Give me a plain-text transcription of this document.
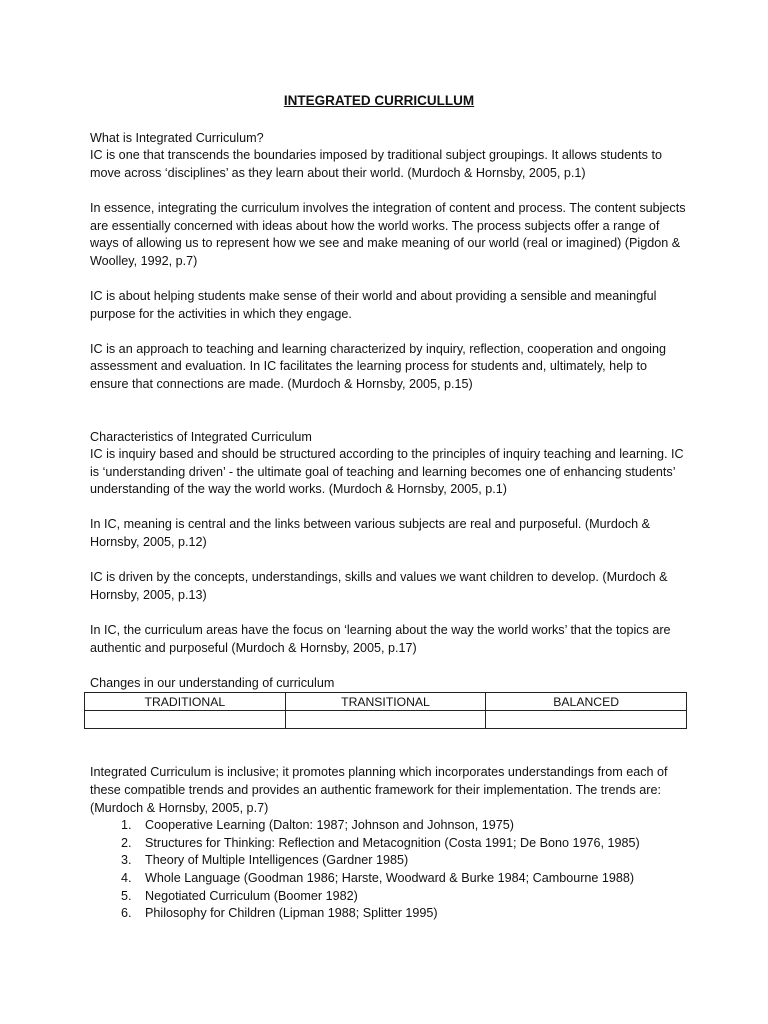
INTEGRATED CURRICULLUM

What is Integrated Curriculum?

IC is one that transcends the boundaries imposed by traditional subject groupings. It allows students to move across ‘disciplines’ as they learn about their world. (Murdoch & Hornsby, 2005, p.1)

In essence, integrating the curriculum involves the integration of content and process. The content subjects are essentially concerned with ideas about how the world works. The process subjects offer a range of ways of allowing us to represent how we see and make meaning of our world (real or imagined) (Pigdon & Woolley, 1992, p.7)

IC is about helping students make sense of their world and about providing a sensible and meaningful purpose for the activities in which they engage.

IC is an approach to teaching and learning characterized by inquiry, reflection, cooperation and ongoing assessment and evaluation. In IC facilitates the learning process for students and, ultimately, help to ensure that connections are made. (Murdoch & Hornsby, 2005, p.15)

Characteristics of Integrated Curriculum

IC is inquiry based and should be structured according to the principles of inquiry teaching and learning. IC is ‘understanding driven’ - the ultimate goal of teaching and learning becomes one of enhancing students’ understanding of the way the world works. (Murdoch & Hornsby, 2005, p.1)

In IC, meaning is central and the links between various subjects are real and purposeful. (Murdoch & Hornsby, 2005, p.12)

IC is driven by the concepts, understandings, skills and values we want children to develop. (Murdoch & Hornsby, 2005, p.13)

In IC, the curriculum areas have the focus on ‘learning about the way the world works’ that the topics are authentic and purposeful (Murdoch & Hornsby, 2005, p.17)

Changes in our understanding of curriculum

TRADITIONAL	TRANSITIONAL	BALANCED

Integrated Curriculum is inclusive; it promotes planning which incorporates understandings from each of these compatible trends and provides an authentic framework for their implementation. The trends are: (Murdoch & Hornsby, 2005, p.7)

1. Cooperative Learning (Dalton: 1987; Johnson and Johnson, 1975)
2. Structures for Thinking: Reflection and Metacognition (Costa 1991; De Bono 1976, 1985)
3. Theory of Multiple Intelligences (Gardner 1985)
4. Whole Language (Goodman 1986; Harste, Woodward & Burke 1984; Cambourne 1988)
5. Negotiated Curriculum (Boomer 1982)
6. Philosophy for Children (Lipman 1988; Splitter 1995)
